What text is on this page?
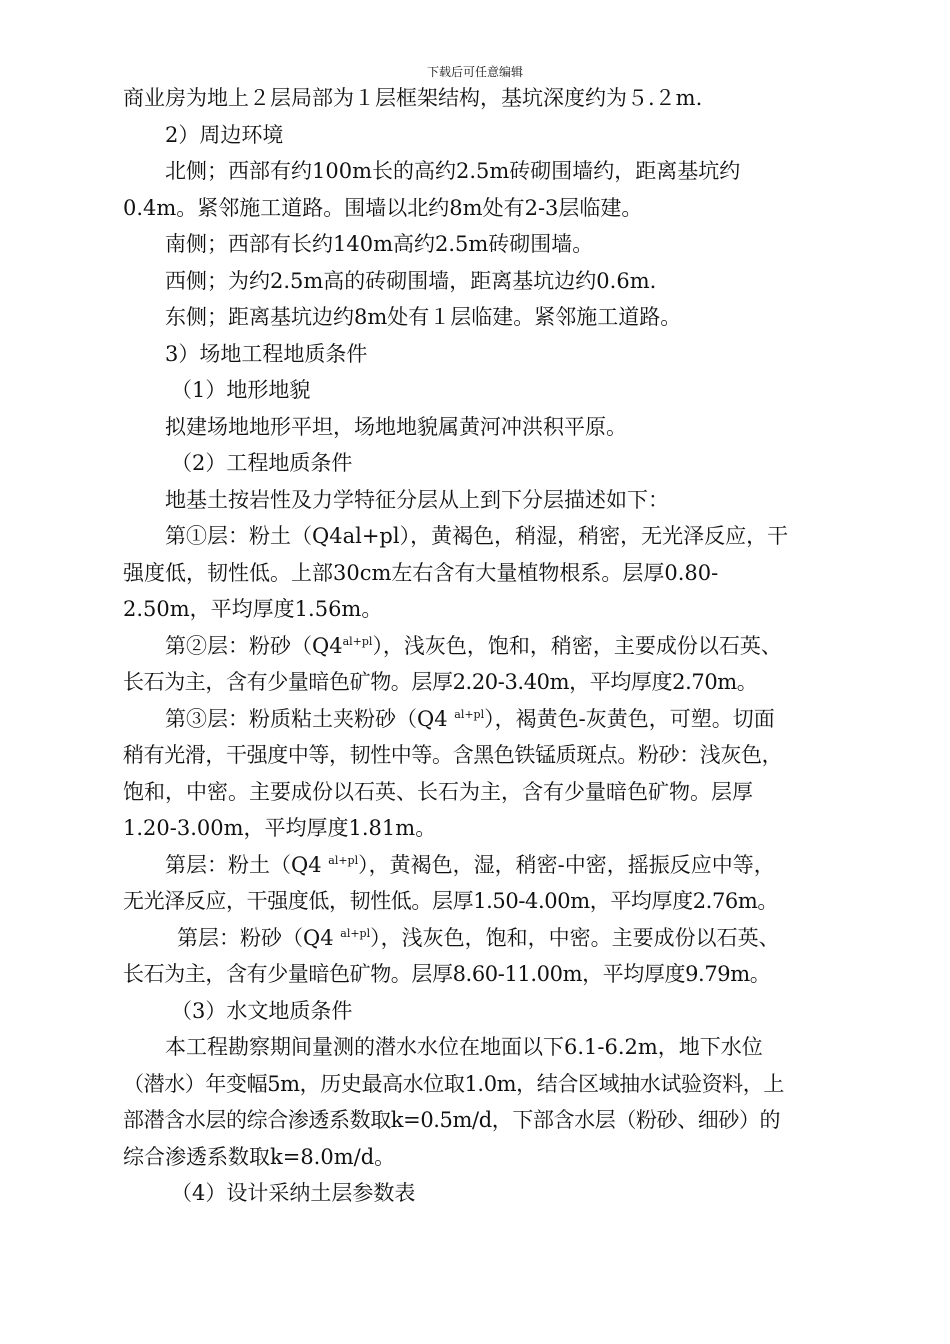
下载后可任意编辑
商业房为地上２层局部为１层框架结构，基坑深度约为５.２m.
2）周边环境
北侧；西部有约100m长的高约2.5m砖砌围墙约，距离基坑约
0.4m。紧邻施工道路。围墙以北约8m处有2-3层临建。
南侧；西部有长约140m高约2.5m砖砌围墙。
西侧；为约2.5m高的砖砌围墙，距离基坑边约0.6m.
东侧；距离基坑边约8m处有１层临建。紧邻施工道路。
3）场地工程地质条件
（1）地形地貌
拟建场地地形平坦，场地地貌属黄河冲洪积平原。
（2）工程地质条件
地基土按岩性及力学特征分层从上到下分层描述如下：
第①层：粉土（Q4al+pl），黄褐色，稍湿，稍密，无光泽反应，干
强度低，韧性低。上部30cm左右含有大量植物根系。层厚0.80-
2.50m，平均厚度1.56m。
第②层：粉砂$(Q4^{al+pl})$，浅灰色，饱和，稍密，主要成份以石英、
长石为主，含有少量暗色矿物。层厚2.20-3.40m，平均厚度2.70m。
第③层：粉质粘土夹粉砂（Q4 $^{al+pl}$），褐黄色-灰黄色，可塑。切面
稍有光滑，干强度中等，韧性中等。含黑色铁锰质斑点。粉砂：浅灰色，
饱和，中密。主要成份以石英、长石为主，含有少量暗色矿物。层厚
1.20-3.00m，平均厚度1.81m。
第层：粉土（Q4 $^{al+pl}$），黄褐色，湿，稍密-中密，摇振反应中等，
无光泽反应，干强度低，韧性低。层厚1.50-4.00m，平均厚度2.76m。
第层：粉砂（Q4 $^{al+pl}$），浅灰色，饱和，中密。主要成份以石英、
长石为主，含有少量暗色矿物。层厚8.60-11.00m，平均厚度9.79m。
（3）水文地质条件
本工程勘察期间量测的潜水水位在地面以下6.1-6.2m，地下水位
（潜水）年变幅5m，历史最高水位取1.0m，结合区域抽水试验资料，上
部潜含水层的综合渗透系数取k=0.5m/d，下部含水层（粉砂、细砂）的
综合渗透系数取k=8.0m/d。
（4）设计采纳土层参数表
